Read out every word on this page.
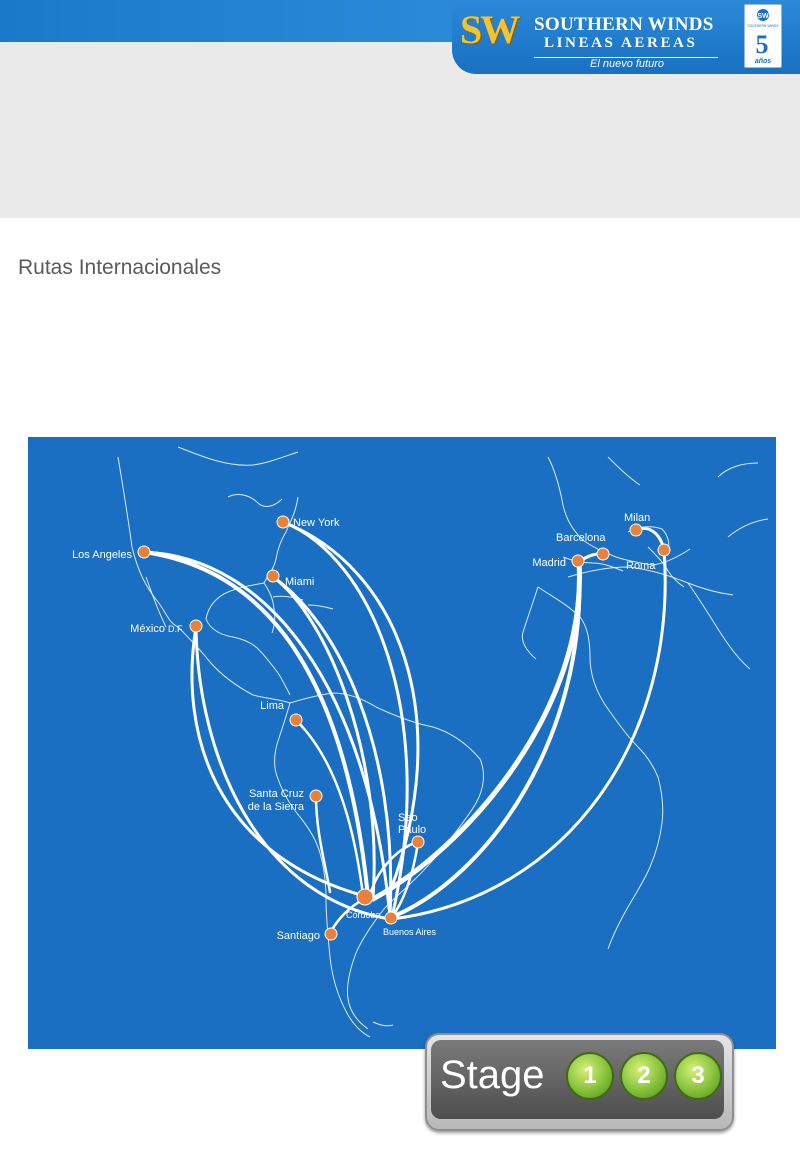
SW SOUTHERN WINDS
LINEAS AEREAS
El nuevo futuro
SW
SOUTHERN WINDS
5
años
Rutas Internacionales
New York
Los Angeles
Miami
México D.F.
Lima
Santa Cruz
de la Sierra
Sao
Paulo
Córdoba
Santiago	Buenos Aires
Madrid
Barcelona
Milan
Roma
Stage	1	2	3
